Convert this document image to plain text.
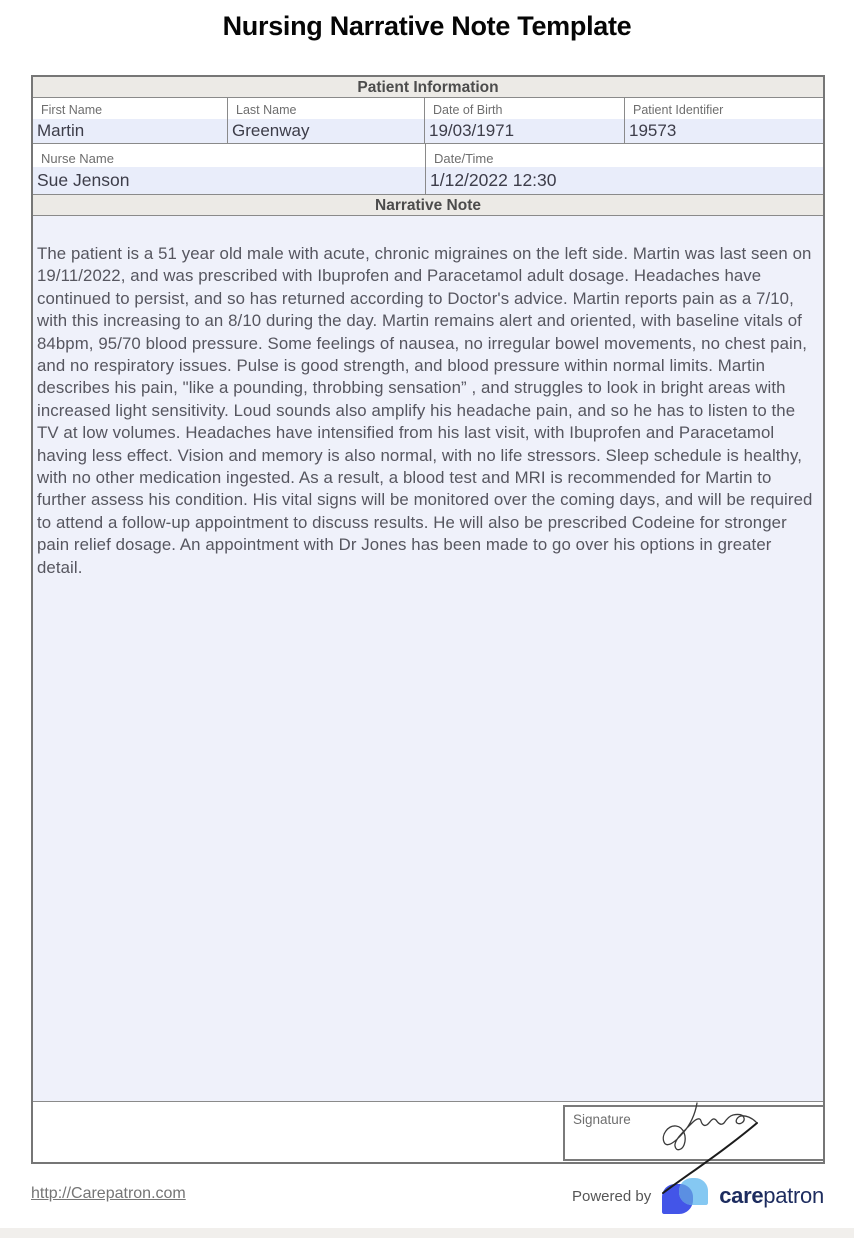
Nursing Narrative Note Template
Patient Information
First Name
Martin
Last Name
Greenway
Date of Birth
19/03/1971
Patient Identifier
19573
Nurse Name
Sue Jenson
Date/Time
1/12/2022 12:30
Narrative Note

The patient is a 51 year old male with acute, chronic migraines on the left side. Martin was last seen on 19/11/2022, and was prescribed with Ibuprofen and Paracetamol adult dosage. Headaches have continued to persist, and so has returned according to Doctor's advice. Martin reports pain as a 7/10, with this increasing to an 8/10 during the day. Martin remains alert and oriented, with baseline vitals of 84bpm, 95/70 blood pressure. Some feelings of nausea, no irregular bowel movements, no chest pain, and no respiratory issues. Pulse is good strength, and blood pressure within normal limits. Martin describes his pain, "like a pounding, throbbing sensation” , and struggles to look in bright areas with increased light sensitivity. Loud sounds also amplify his headache pain, and so he has to listen to the TV at low volumes. Headaches have intensified from his last visit, with Ibuprofen and Paracetamol having less effect. Vision and memory is also normal, with no life stressors. Sleep schedule is healthy, with no other medication ingested. As a result, a blood test and MRI is recommended for Martin to further assess his condition. His vital signs will be monitored over the coming days, and will be required to attend a follow-up appointment to discuss results. He will also be prescribed Codeine for stronger pain relief dosage. An appointment with Dr Jones has been made to go over his options in greater detail.

Signature
http://Carepatron.com	Powered by	carepatron
